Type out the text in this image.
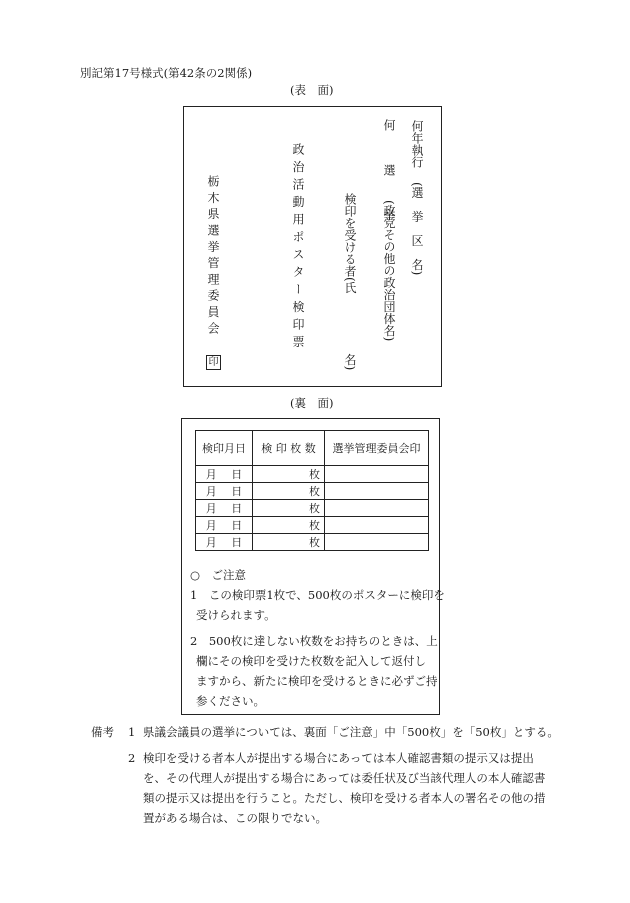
別記第17号様式(第42条の2関係)
(表　面)
何年執行
(選　挙　区　名)
何　　選　　挙
(政党その他の政治団体名)
検印を受ける者(氏　　　　　名)
政治活動用ポスター検印票
栃木県選挙管理委員会
印
(裏　面)
検印月日	検 印 枚 数	選挙管理委員会印
月　 日	枚	
月　 日	枚	
月　 日	枚	
月　 日	枚	
月　 日	枚	
○　ご注意
1　この検印票1枚で、500枚のポスターに検印を
受けられます。
2　500枚に達しない枚数をお持ちのときは、上
欄にその検印を受けた枚数を記入して返付し
ますから、新たに検印を受けるときに必ずご持
参ください。
備考 1 県議会議員の選挙については、裏面「ご注意」中「500枚」を「50枚」とする。
2 検印を受ける者本人が提出する場合にあっては本人確認書類の提示又は提出
を、その代理人が提出する場合にあっては委任状及び当該代理人の本人確認書
類の提示又は提出を行うこと。ただし、検印を受ける者本人の署名その他の措
置がある場合は、この限りでない。
